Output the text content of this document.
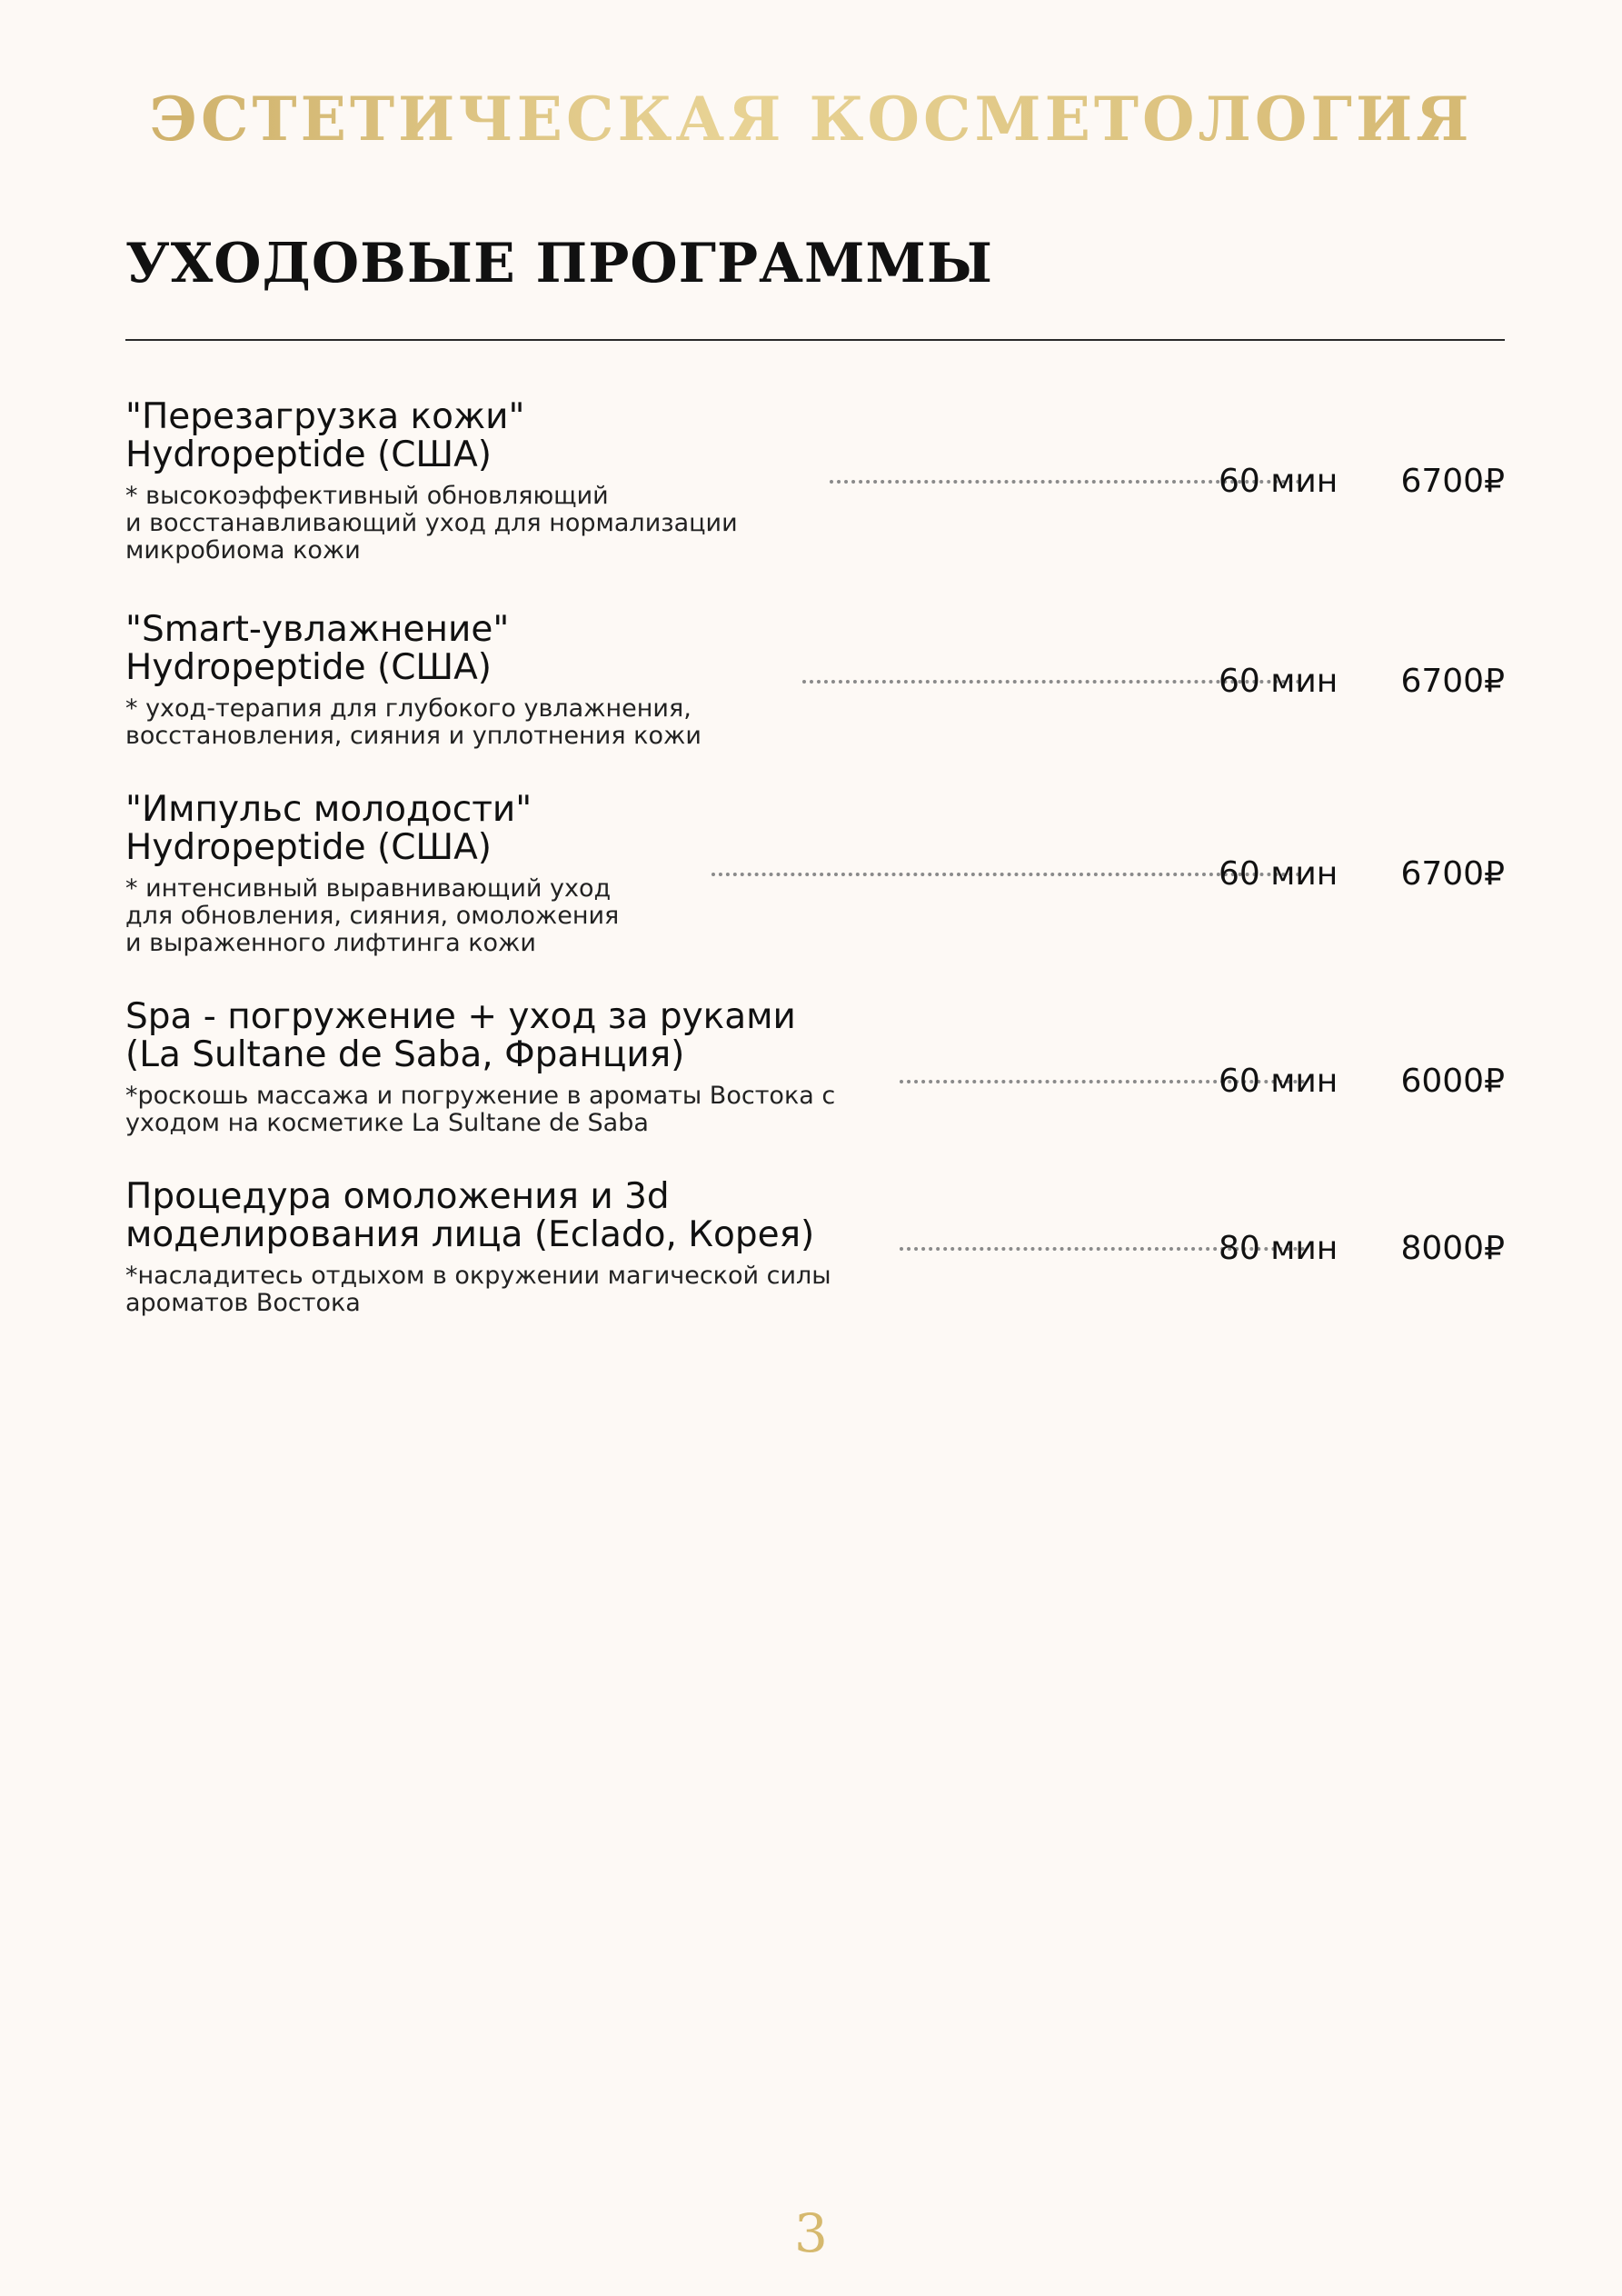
ЭСТЕТИЧЕСКАЯ КОСМЕТОЛОГИЯ
УХОДОВЫЕ ПРОГРАММЫ
"Перезагрузка кожи"
Hydropeptide (США)
* высокоэффективный обновляющий
и восстанавливающий уход для нормализации
микробиома кожи
60 мин	6700₽
"Smart-увлажнение"
Hydropeptide (США)
* уход-терапия для глубокого увлажнения,
восстановления, сияния и уплотнения кожи
60 мин	6700₽
"Импульс молодости"
Hydropeptide (США)
* интенсивный выравнивающий уход
для обновления, сияния, омоложения
и выраженного лифтинга кожи
60 мин	6700₽
Spa - погружение + уход за руками
(La Sultane de Saba, Франция)
*роскошь массажа и погружение в ароматы Востока с
уходом на косметике La Sultane de Saba
60 мин	6000₽
Процедура омоложения и 3d
моделирования лица (Eclado, Корея)
*насладитесь отдыхом в окружении магической силы
ароматов Востока
80 мин	8000₽
3
